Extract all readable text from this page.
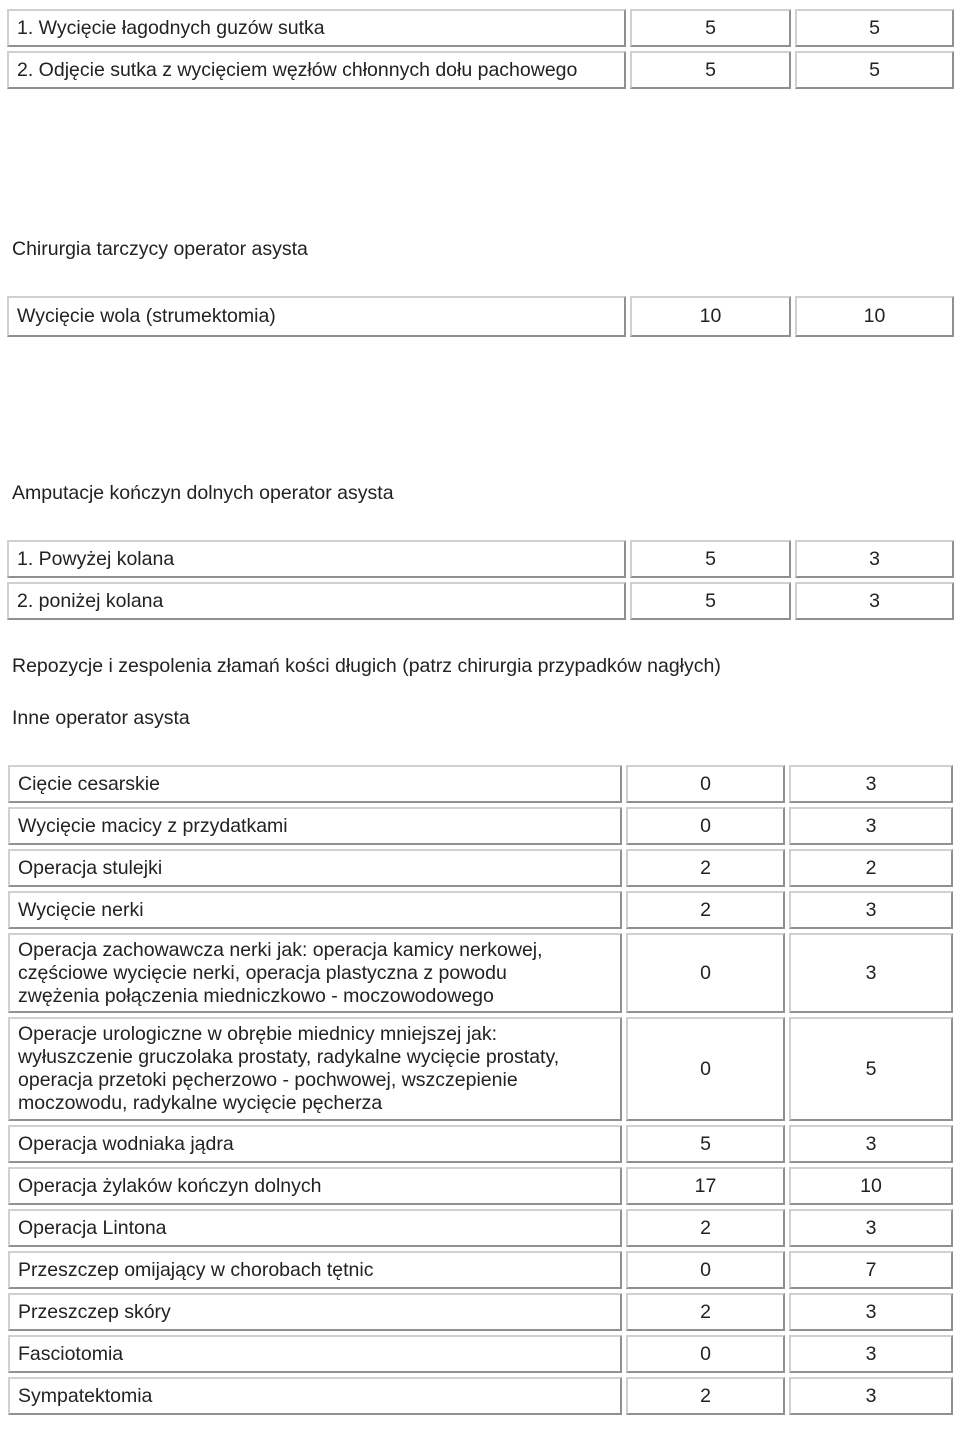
1. Wycięcie łagodnych guzów sutka	5	5
2. Odjęcie sutka z wycięciem węzłów chłonnych dołu pachowego	5	5
Chirurgia tarczycy operator asysta
Wycięcie wola (strumektomia)	10	10
Amputacje kończyn dolnych operator asysta
1. Powyżej kolana	5	3
2. poniżej kolana	5	3
Repozycje i zespolenia złamań kości długich (patrz chirurgia przypadków nagłych)
Inne operator asysta
Cięcie cesarskie	0	3
Wycięcie macicy z przydatkami	0	3
Operacja stulejki	2	2
Wycięcie nerki	2	3

Operacja zachowawcza nerki jak: operacja kamicy nerkowej,
częściowe wycięcie nerki, operacja plastyczna z powodu
zwężenia połączenia miedniczkowo - moczowodowego	0	3

Operacje urologiczne w obrębie miednicy mniejszej jak:
wyłuszczenie gruczolaka prostaty, radykalne wycięcie prostaty,
operacja przetoki pęcherzowo - pochwowej, wszczepienie
moczowodu, radykalne wycięcie pęcherza	0	5
Operacja wodniaka jądra	5	3
Operacja żylaków kończyn dolnych	17	10
Operacja Lintona	2	3
Przeszczep omijający w chorobach tętnic	0	7
Przeszczep skóry	2	3
Fasciotomia	0	3
Sympatektomia	2	3
